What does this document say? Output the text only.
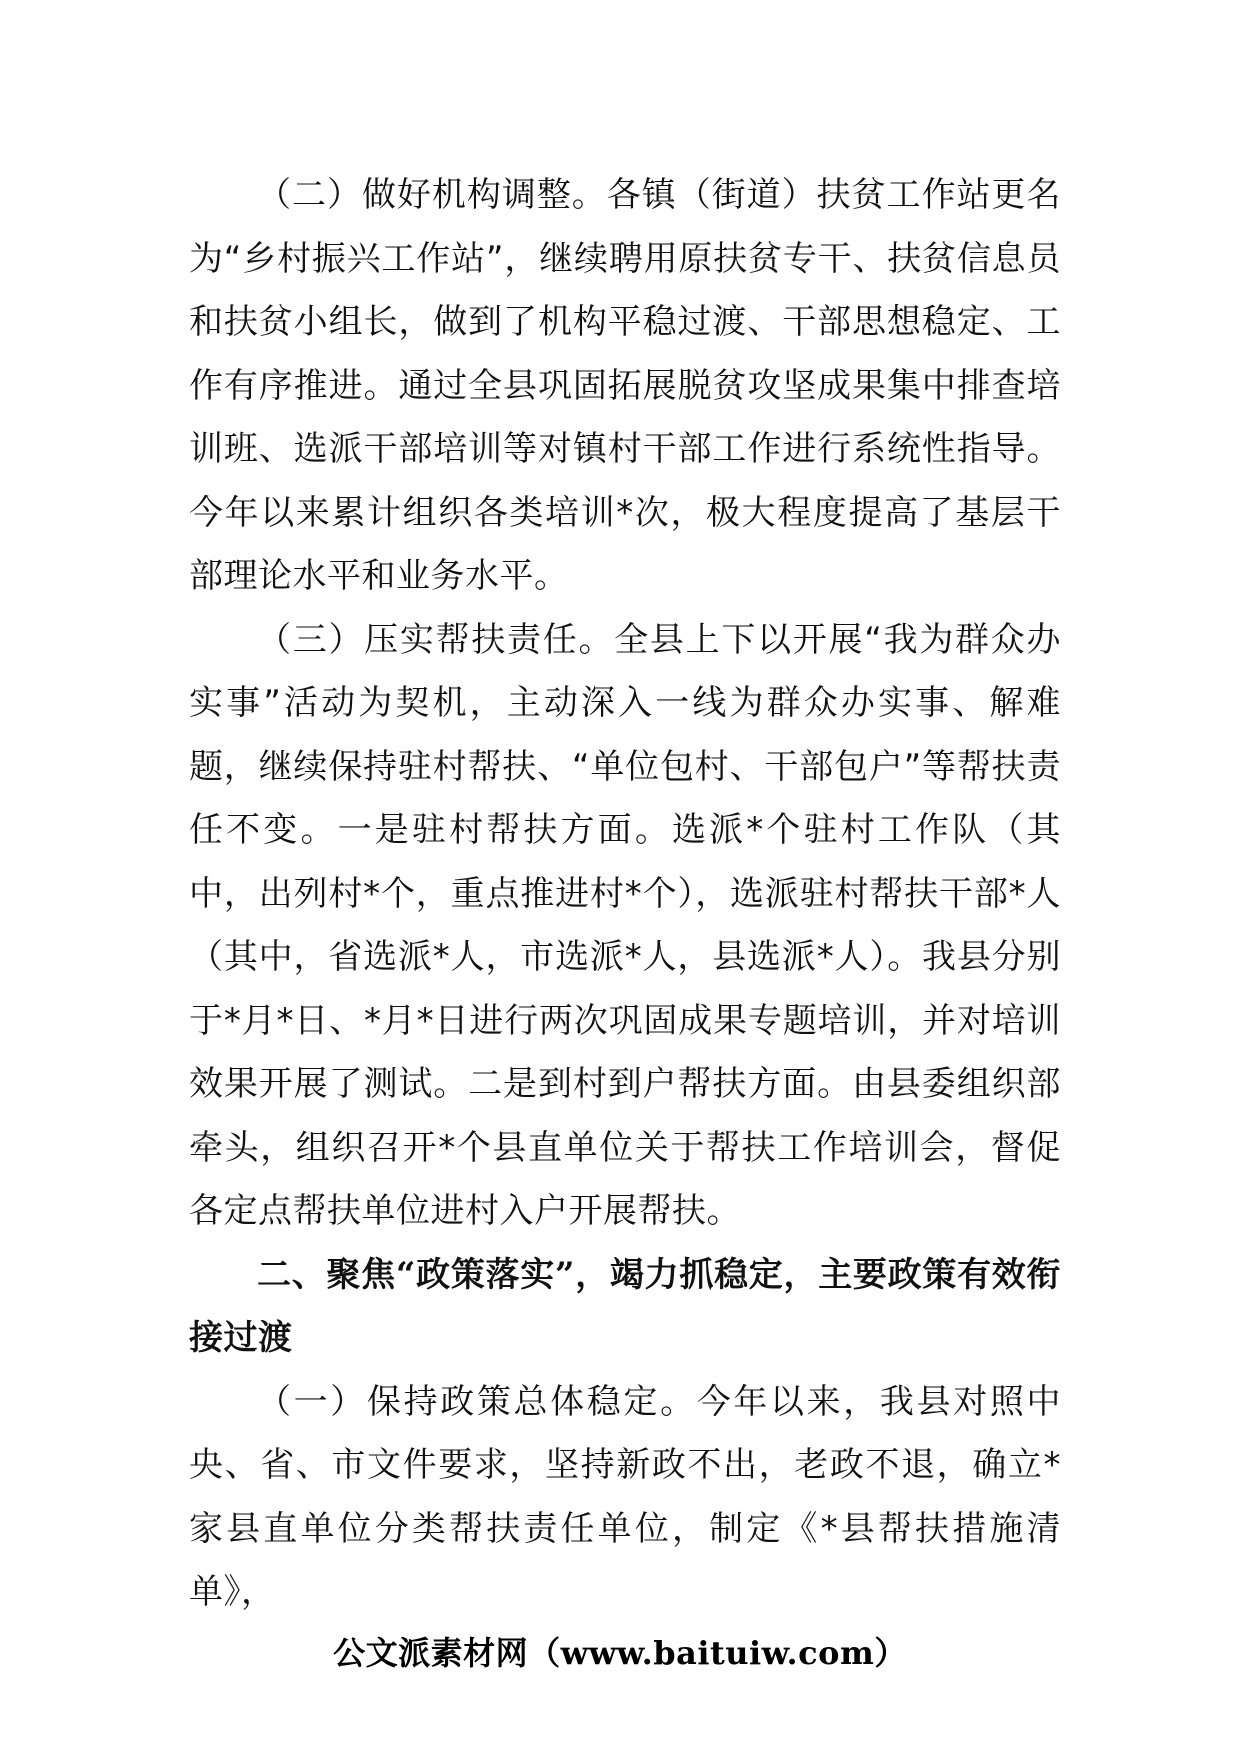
（二）做好机构调整。各镇（街道）扶贫工作站更名为“乡村振兴工作站”，继续聘用原扶贫专干、扶贫信息员和扶贫小组长，做到了机构平稳过渡、干部思想稳定、工作有序推进。通过全县巩固拓展脱贫攻坚成果集中排查培训班、选派干部培训等对镇村干部工作进行系统性指导。今年以来累计组织各类培训*次，极大程度提高了基层干部理论水平和业务水平。

（三）压实帮扶责任。全县上下以开展“我为群众办实事”活动为契机，主动深入一线为群众办实事、解难题，继续保持驻村帮扶、“单位包村、干部包户”等帮扶责任不变。一是驻村帮扶方面。选派*个驻村工作队（其中，出列村*个，重点推进村*个），选派驻村帮扶干部*人（其中，省选派*人，市选派*人，县选派*人）。我县分别于*月*日、*月*日进行两次巩固成果专题培训，并对培训效果开展了测试。二是到村到户帮扶方面。由县委组织部牵头，组织召开*个县直单位关于帮扶工作培训会，督促各定点帮扶单位进村入户开展帮扶。

二、聚焦“政策落实”，竭力抓稳定，主要政策有效衔接过渡

（一）保持政策总体稳定。今年以来，我县对照中央、省、市文件要求，坚持新政不出，老政不退，确立*家县直单位分类帮扶责任单位，制定《*县帮扶措施清单》，

公文派素材网（www.baituiw.com）
